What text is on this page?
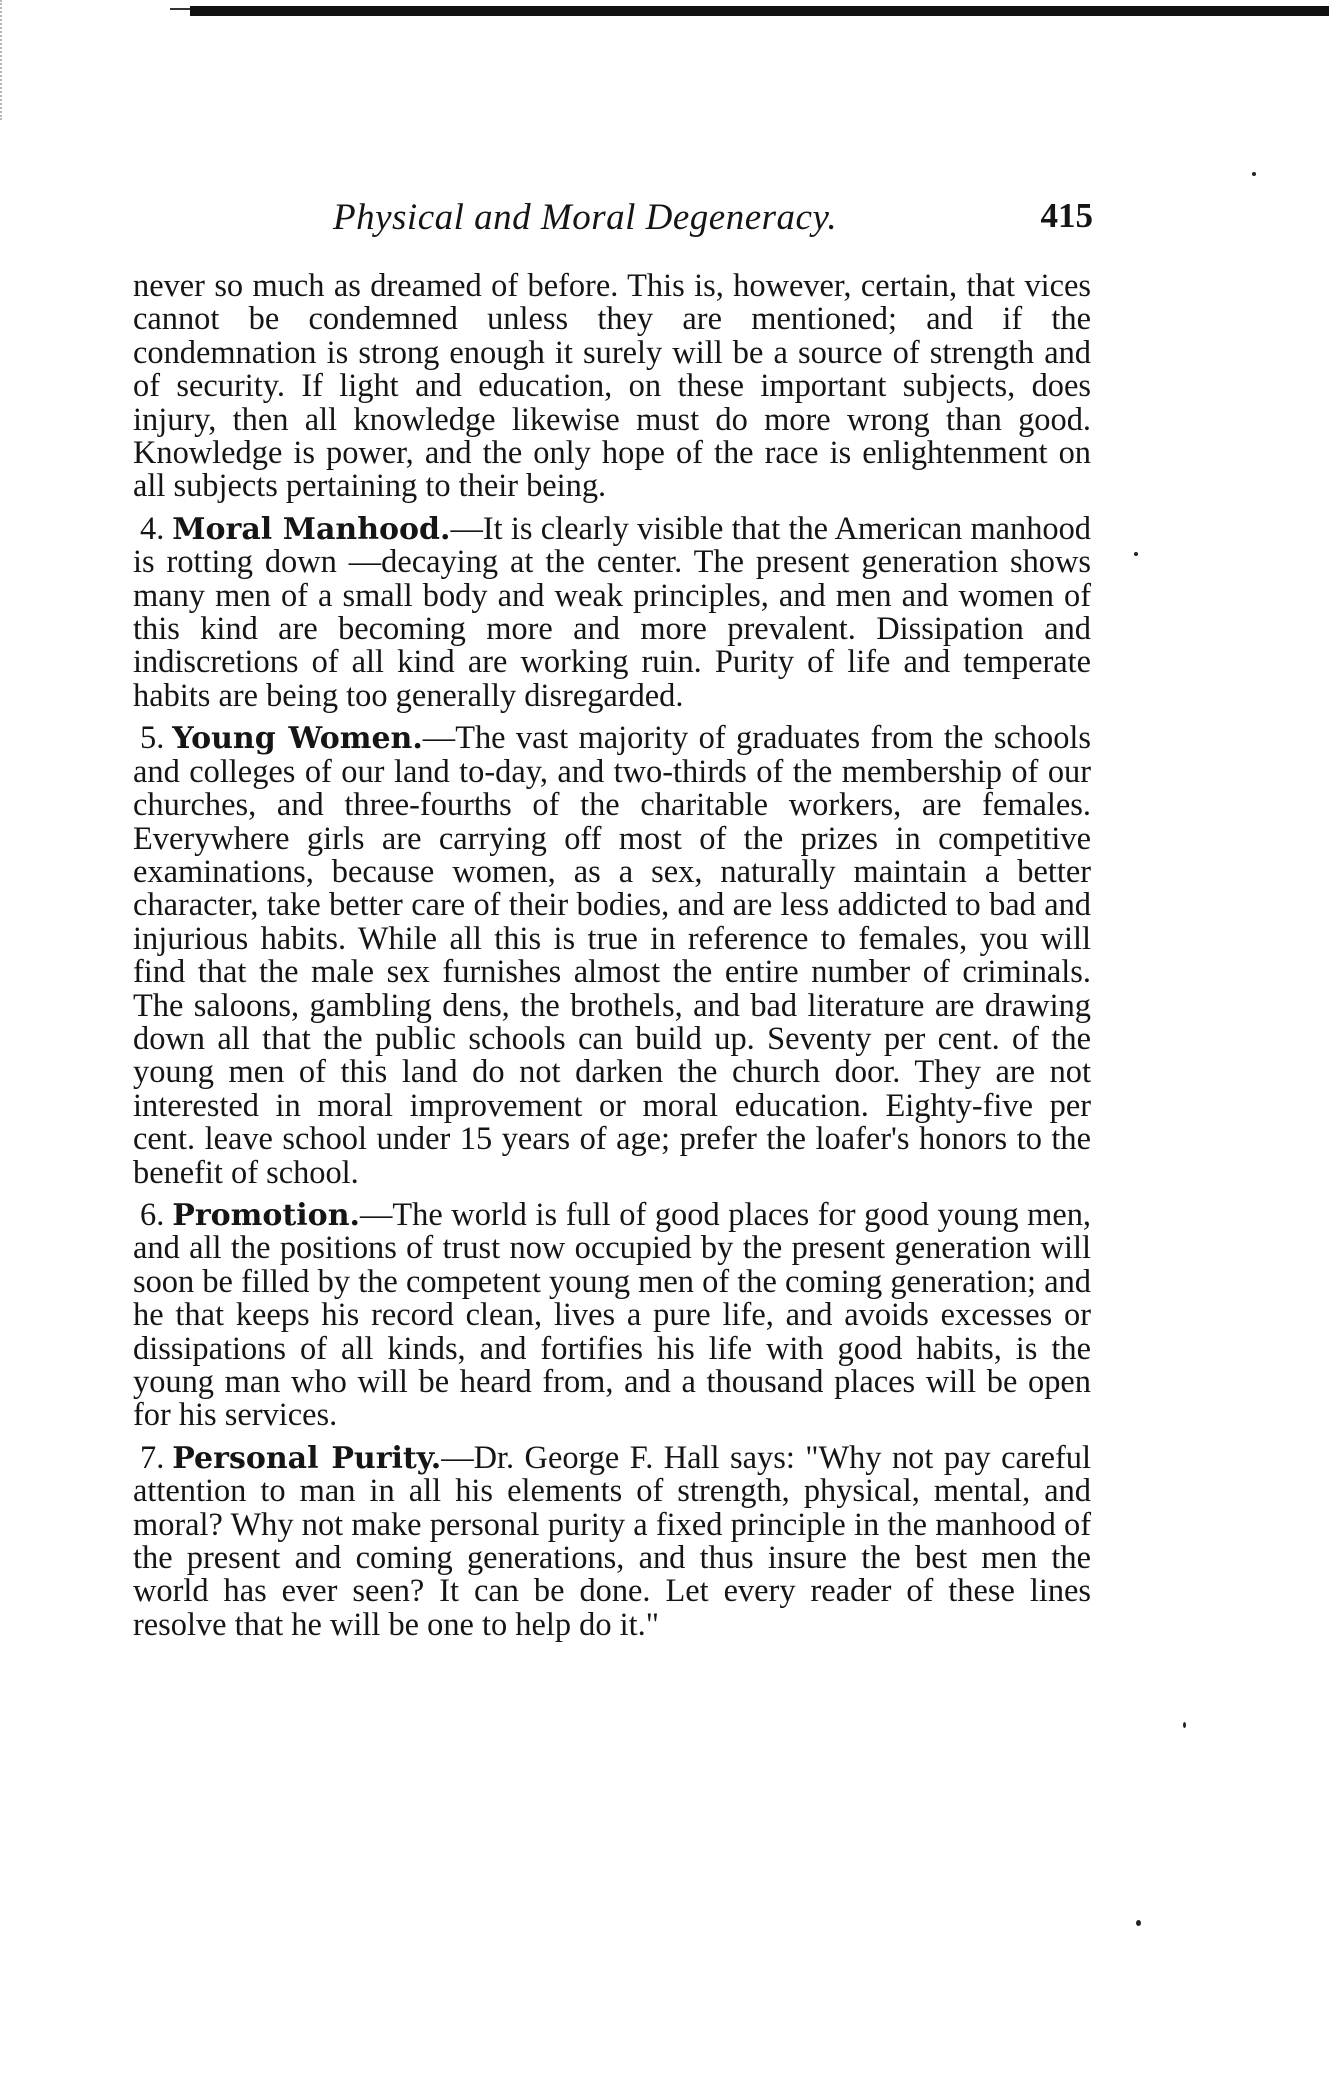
Physical and Moral Degeneracy.	415

never so much as dreamed of before. This is, however, certain, that vices cannot be condemned unless they are mentioned; and if the condemnation is strong enough it surely will be a source of strength and of security. If light and education, on these important subjects, does injury, then all knowledge likewise must do more wrong than good. Knowledge is power, and the only hope of the race is enlightenment on all subjects pertaining to their being.

4. Moral Manhood.—It is clearly visible that the American manhood is rotting down —decaying at the center. The present generation shows many men of a small body and weak principles, and men and women of this kind are becoming more and more prevalent. Dissipation and indiscretions of all kind are working ruin. Purity of life and temperate habits are being too generally disregarded.

5. Young Women.—The vast majority of graduates from the schools and colleges of our land to-day, and two-thirds of the membership of our churches, and three-fourths of the charitable workers, are females. Everywhere girls are carrying off most of the prizes in competitive examinations, because women, as a sex, naturally maintain a better character, take better care of their bodies, and are less addicted to bad and injurious habits. While all this is true in reference to females, you will find that the male sex furnishes almost the entire number of criminals. The saloons, gambling dens, the brothels, and bad literature are drawing down all that the public schools can build up. Seventy per cent. of the young men of this land do not darken the church door. They are not interested in moral improvement or moral education. Eighty-five per cent. leave school under 15 years of age; prefer the loafer's honors to the benefit of school.

6. Promotion.—The world is full of good places for good young men, and all the positions of trust now occupied by the present generation will soon be filled by the competent young men of the coming generation; and he that keeps his record clean, lives a pure life, and avoids excesses or dissipations of all kinds, and fortifies his life with good habits, is the young man who will be heard from, and a thousand places will be open for his services.

7. Personal Purity.—Dr. George F. Hall says: "Why not pay careful attention to man in all his elements of strength, physical, mental, and moral? Why not make personal purity a fixed principle in the manhood of the present and coming generations, and thus insure the best men the world has ever seen? It can be done. Let every reader of these lines resolve that he will be one to help do it."
